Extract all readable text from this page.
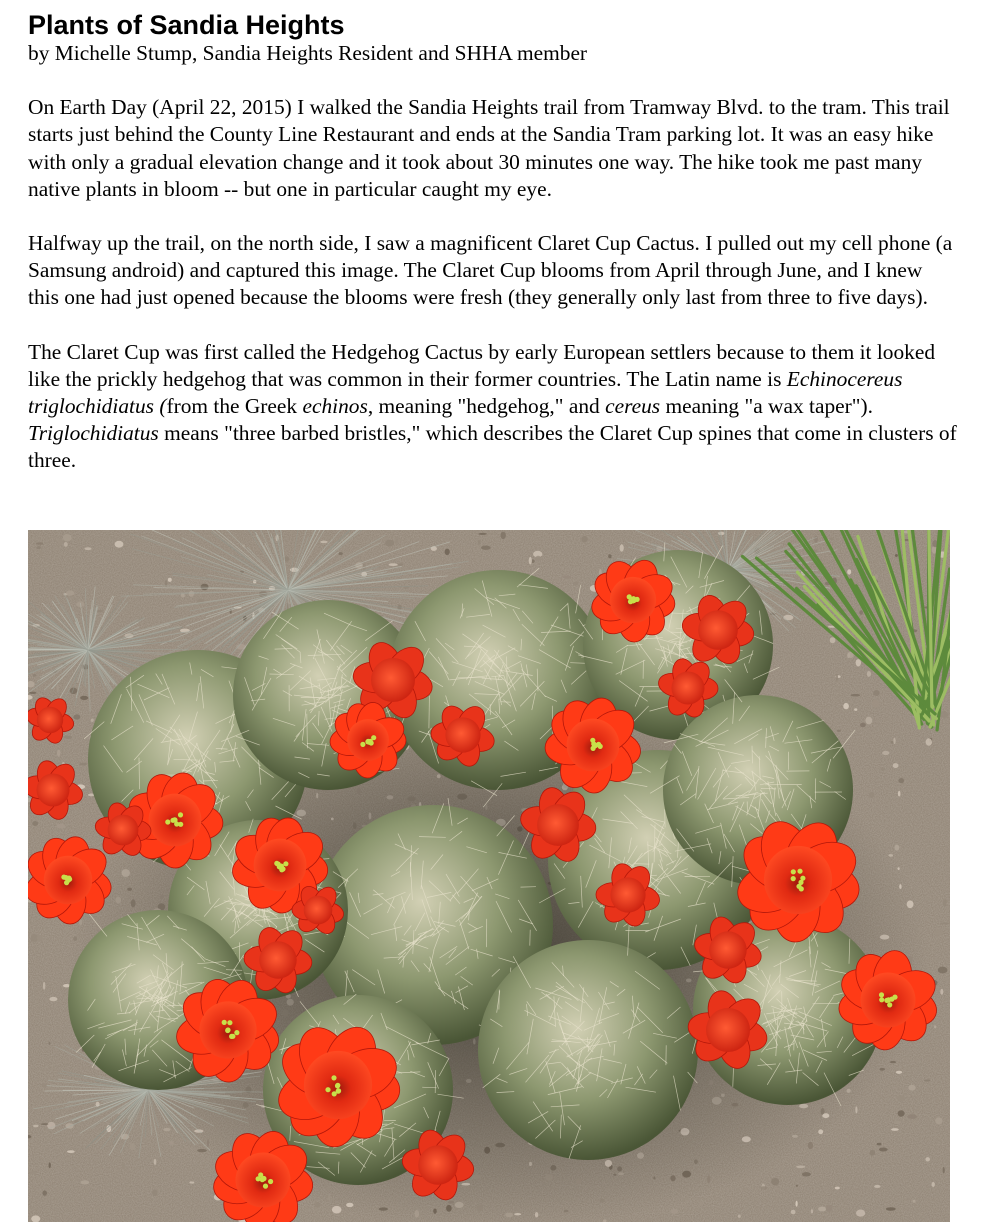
Plants of Sandia Heights

by Michelle Stump, Sandia Heights Resident and SHHA member

On Earth Day (April 22, 2015) I walked the Sandia Heights trail from Tramway Blvd. to the tram. This trail starts just behind the County Line Restaurant and ends at the Sandia Tram parking lot. It was an easy hike with only a gradual elevation change and it took about 30 minutes one way. The hike took me past many native plants in bloom -- but one in particular caught my eye.

Halfway up the trail, on the north side, I saw a magnificent Claret Cup Cactus. I pulled out my cell phone (a Samsung android) and captured this image. The Claret Cup blooms from April through June, and I knew this one had just opened because the blooms were fresh (they generally only last from three to five days).

The Claret Cup was first called the Hedgehog Cactus by early European settlers because to them it looked like the prickly hedgehog that was common in their former countries. The Latin name is Echinocereus triglochidiatus (from the Greek echinos, meaning "hedgehog," and cereus meaning "a wax taper"). Triglochidiatus means "three barbed bristles," which describes the Claret Cup spines that come in clusters of three.
